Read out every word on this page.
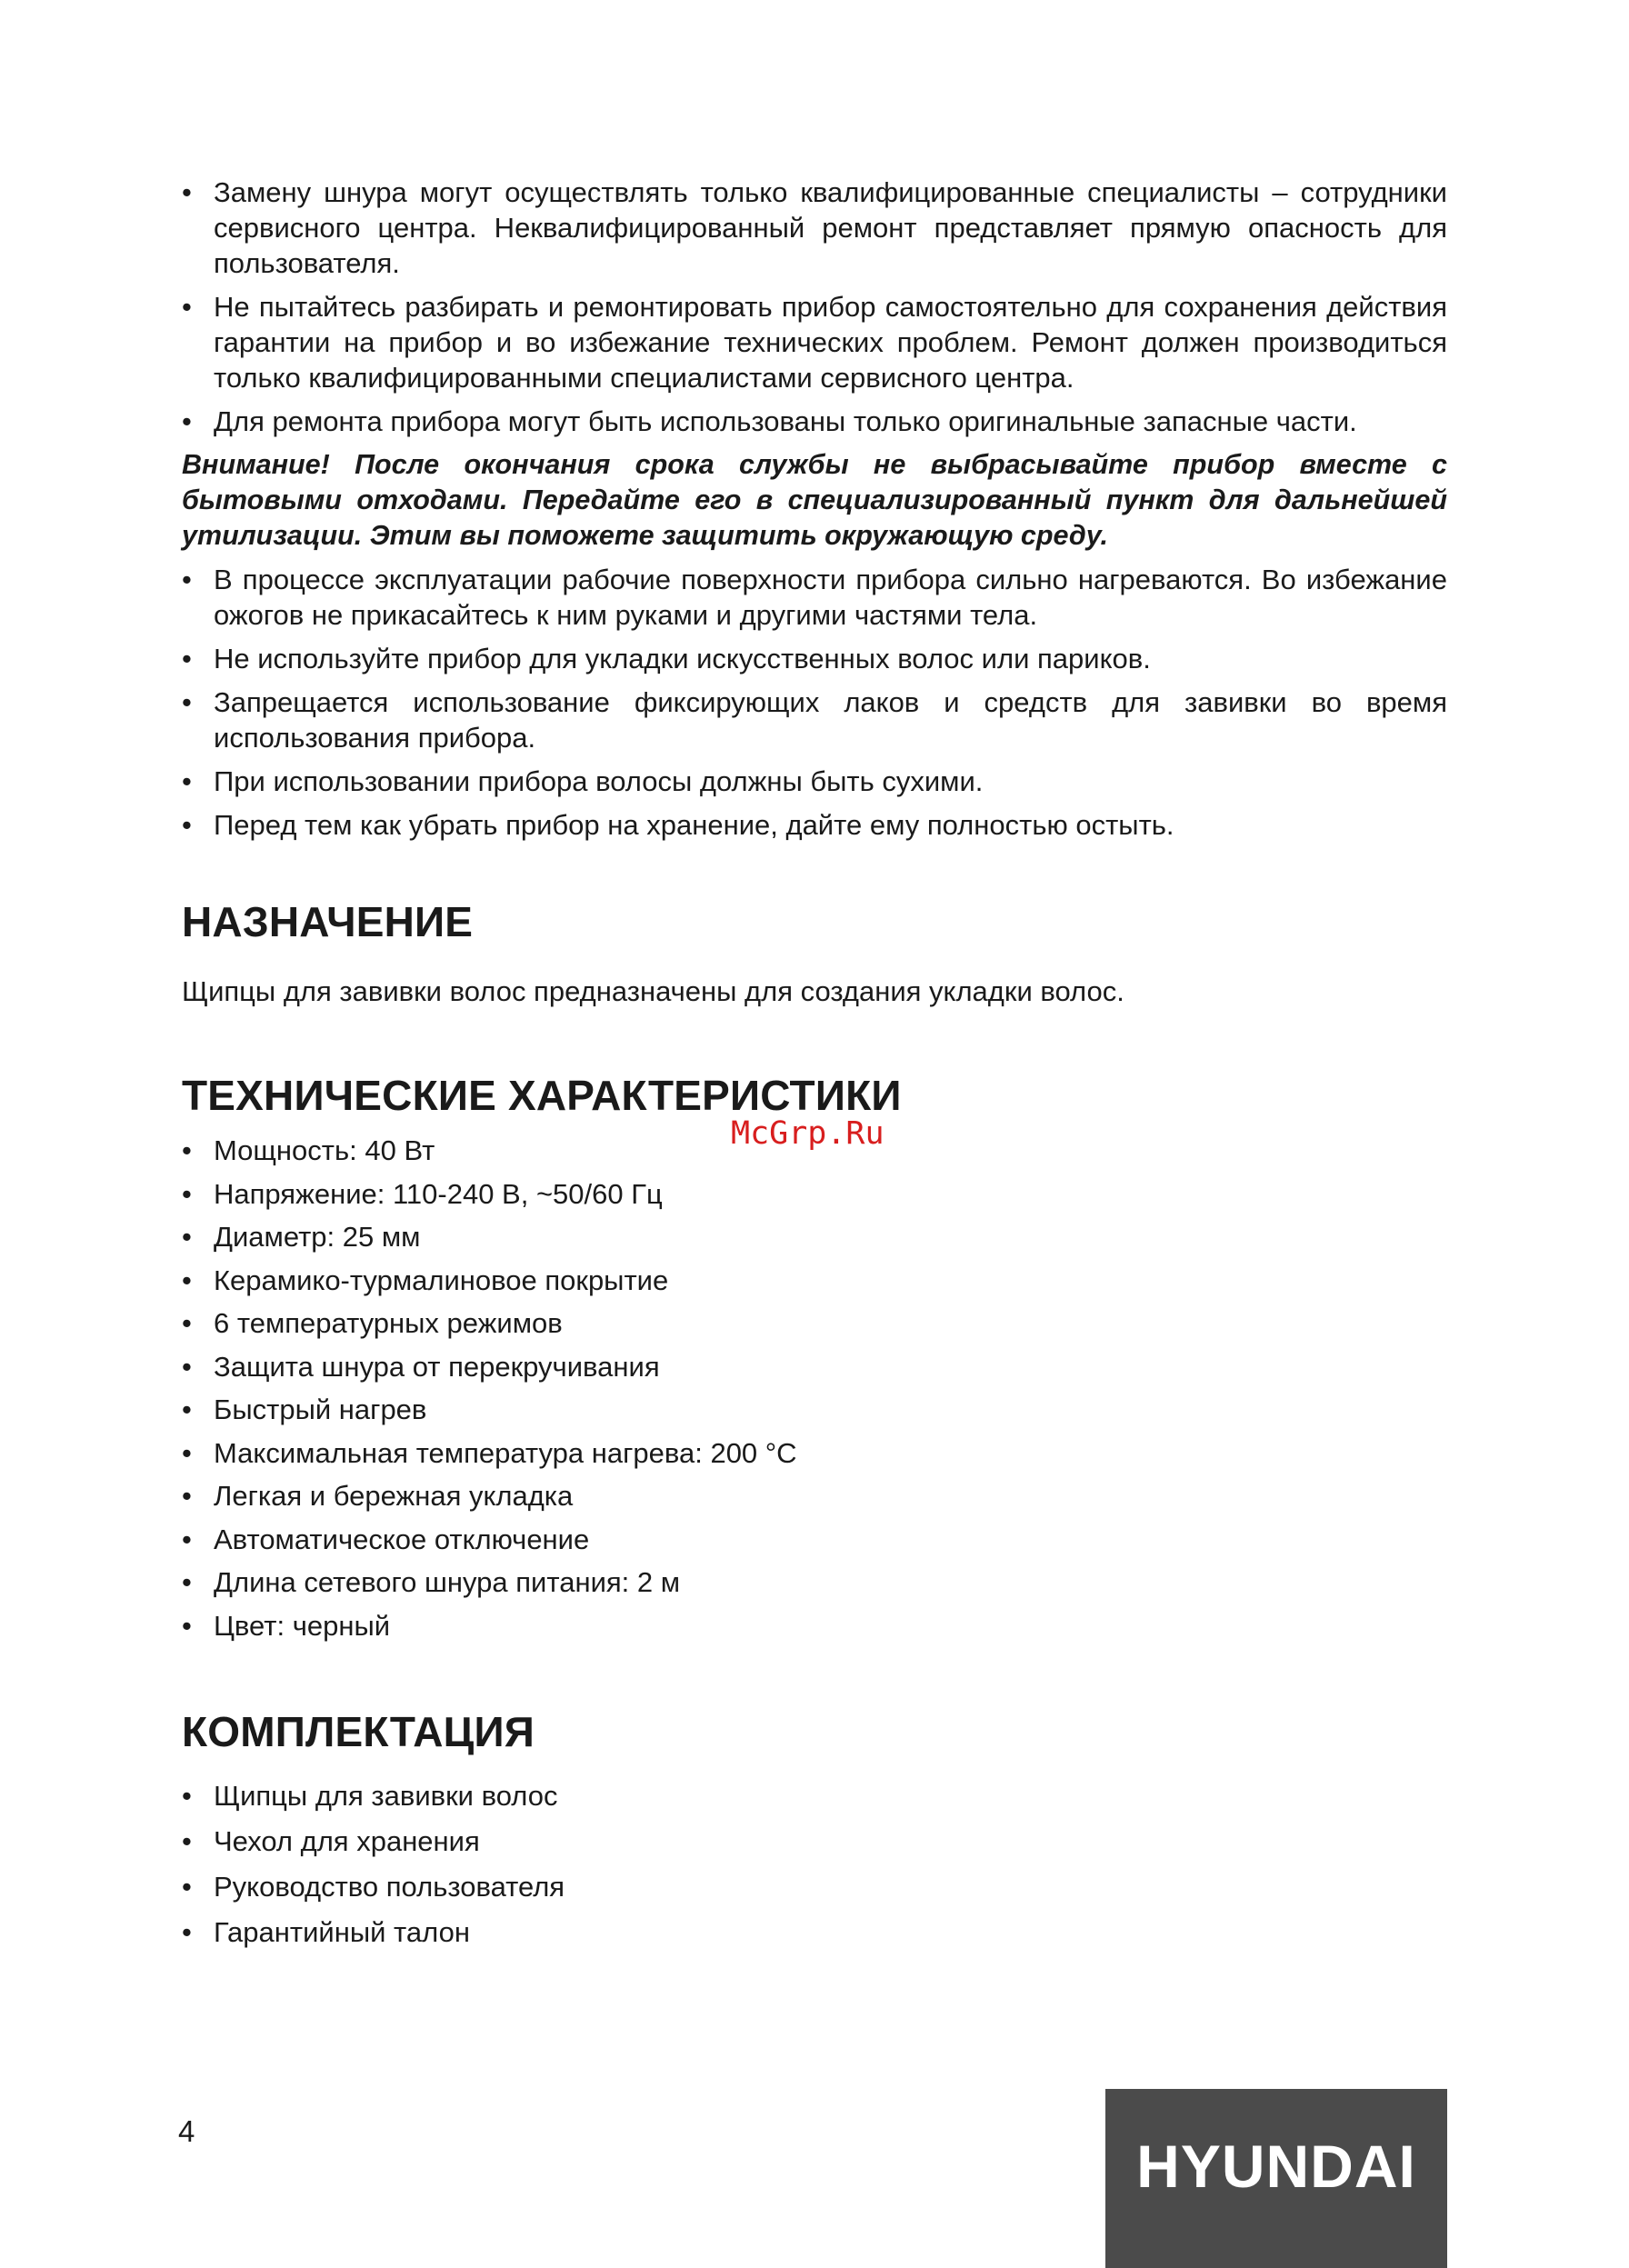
• Замену шнура могут осуществлять только квалифицированные специалисты – сотрудники сервисного центра. Неквалифицированный ремонт представляет прямую опасность для пользователя.
• Не пытайтесь разбирать и ремонтировать прибор самостоятельно для сохранения действия гарантии на прибор и во избежание технических проблем. Ремонт должен производиться только квалифицированными специалистами сервисного центра.
• Для ремонта прибора могут быть использованы только оригинальные запасные части.

Внимание! После окончания срока службы не выбрасывайте прибор вместе с бытовыми отходами. Передайте его в специализированный пункт для дальнейшей утилизации. Этим вы поможете защитить окружающую среду.

• В процессе эксплуатации рабочие поверхности прибора сильно нагреваются. Во избежание ожогов не прикасайтесь к ним руками и другими частями тела.
• Не используйте прибор для укладки искусственных волос или париков.
• Запрещается использование фиксирующих лаков и средств для завивки во время использования прибора.
• При использовании прибора волосы должны быть сухими.
• Перед тем как убрать прибор на хранение, дайте ему полностью остыть.
НАЗНАЧЕНИЕ

Щипцы для завивки волос предназначены для создания укладки волос.

ТЕХНИЧЕСКИЕ ХАРАКТЕРИСТИКИ
• Мощность: 40 Вт
• Напряжение: 110-240 В, ~50/60 Гц
• Диаметр: 25 мм
• Керамико-турмалиновое покрытие
• 6 температурных режимов
• Защита шнура от перекручивания
• Быстрый нагрев
• Максимальная температура нагрева: 200 °C
• Легкая и бережная укладка
• Автоматическое отключение
• Длина сетевого шнура питания: 2 м
• Цвет: черный
КОМПЛЕКТАЦИЯ
• Щипцы для завивки волос
• Чехол для хранения
• Руководство пользователя
• Гарантийный талон
McGrp.Ru
4
HYUNDAI
